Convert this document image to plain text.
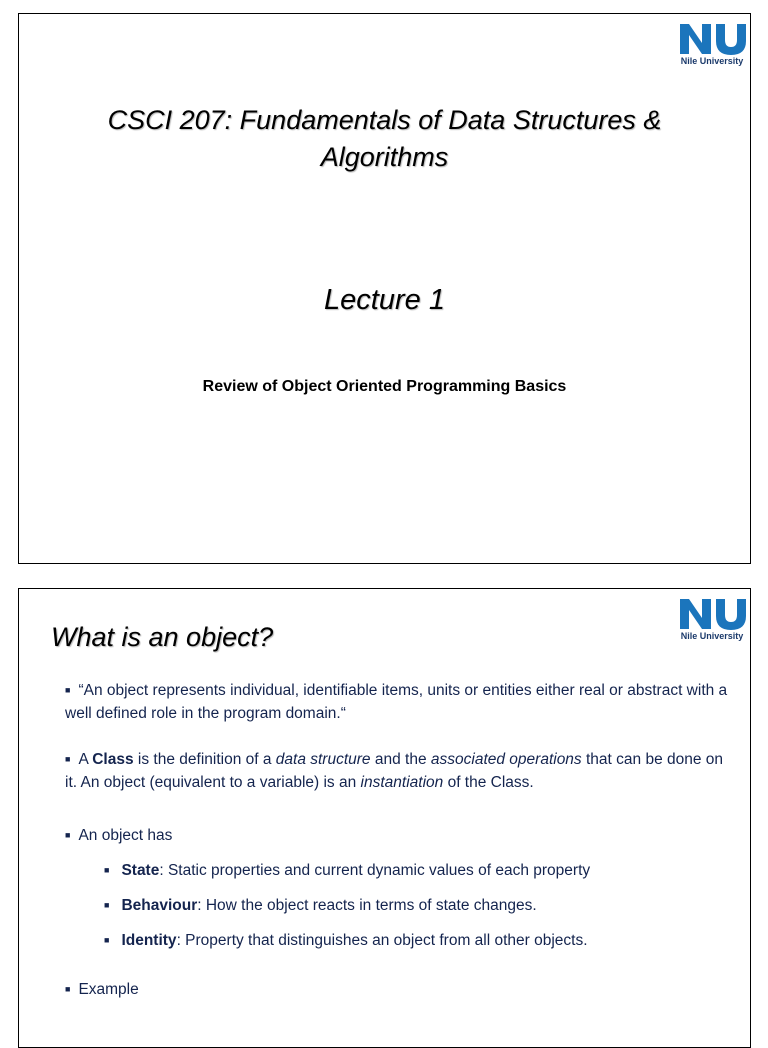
Nile University
CSCI 207: Fundamentals of Data Structures & Algorithms
Lecture 1
Review of Object Oriented Programming Basics
Nile University
What is an object?

■ “An object represents individual, identifiable items, units or entities either real or abstract with a well defined role in the program domain.“

■ A Class is the definition of a data structure and the associated operations that can be done on it. An object (equivalent to a variable) is an instantiation of the Class.

■ An object has

■ State: Static properties and current dynamic values of each property

■ Behaviour: How the object reacts in terms of state changes.

■ Identity: Property that distinguishes an object from all other objects.

■ Example
